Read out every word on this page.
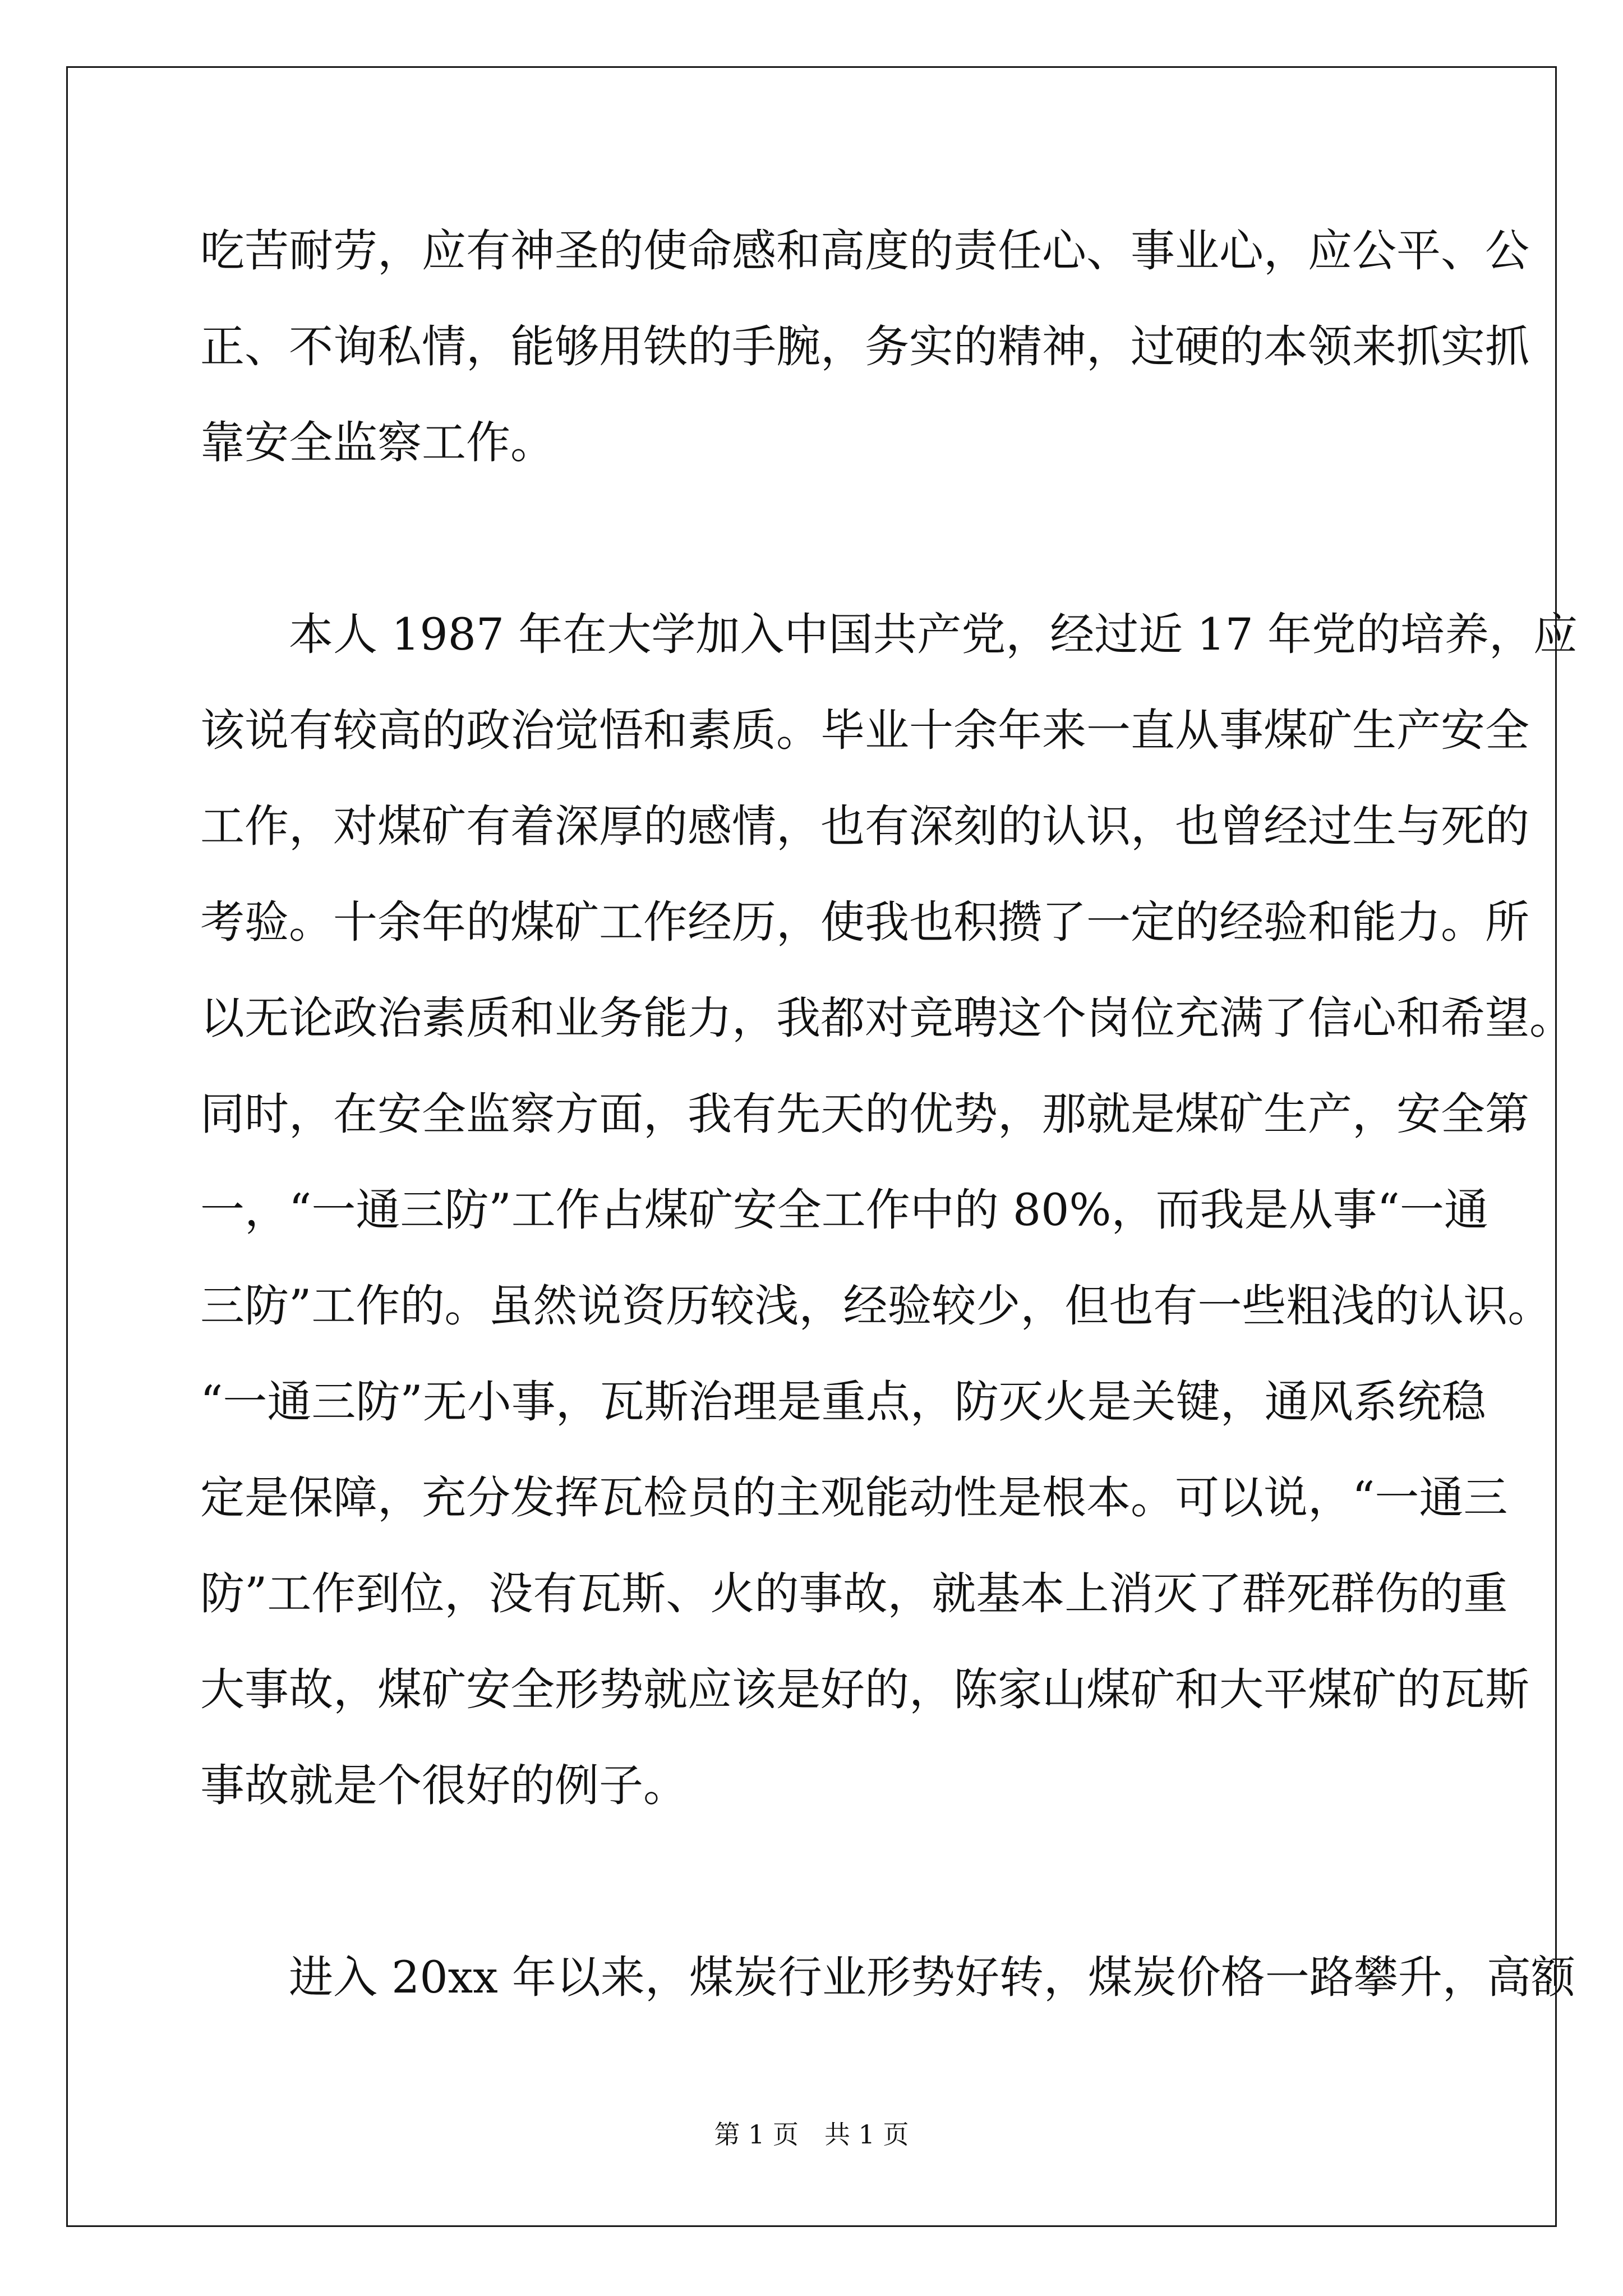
吃苦耐劳，应有神圣的使命感和高度的责任心、事业心，应公平、公
正、不询私情，能够用铁的手腕，务实的精神，过硬的本领来抓实抓
靠安全监察工作。
　　本人 1987 年在大学加入中国共产党，经过近 17 年党的培养，应
该说有较高的政治觉悟和素质。毕业十余年来一直从事煤矿生产安全
工作，对煤矿有着深厚的感情，也有深刻的认识，也曾经过生与死的
考验。十余年的煤矿工作经历，使我也积攒了一定的经验和能力。所
以无论政治素质和业务能力，我都对竞聘这个岗位充满了信心和希望。
同时，在安全监察方面，我有先天的优势，那就是煤矿生产，安全第
一，“一通三防”工作占煤矿安全工作中的 80%，而我是从事“一通
三防”工作的。虽然说资历较浅，经验较少，但也有一些粗浅的认识。
“一通三防”无小事，瓦斯治理是重点，防灭火是关键，通风系统稳
定是保障，充分发挥瓦检员的主观能动性是根本。可以说，“一通三
防”工作到位，没有瓦斯、火的事故，就基本上消灭了群死群伤的重
大事故，煤矿安全形势就应该是好的，陈家山煤矿和大平煤矿的瓦斯
事故就是个很好的例子。
　　进入 20xx 年以来，煤炭行业形势好转，煤炭价格一路攀升，高额
第 1 页　共 1 页
